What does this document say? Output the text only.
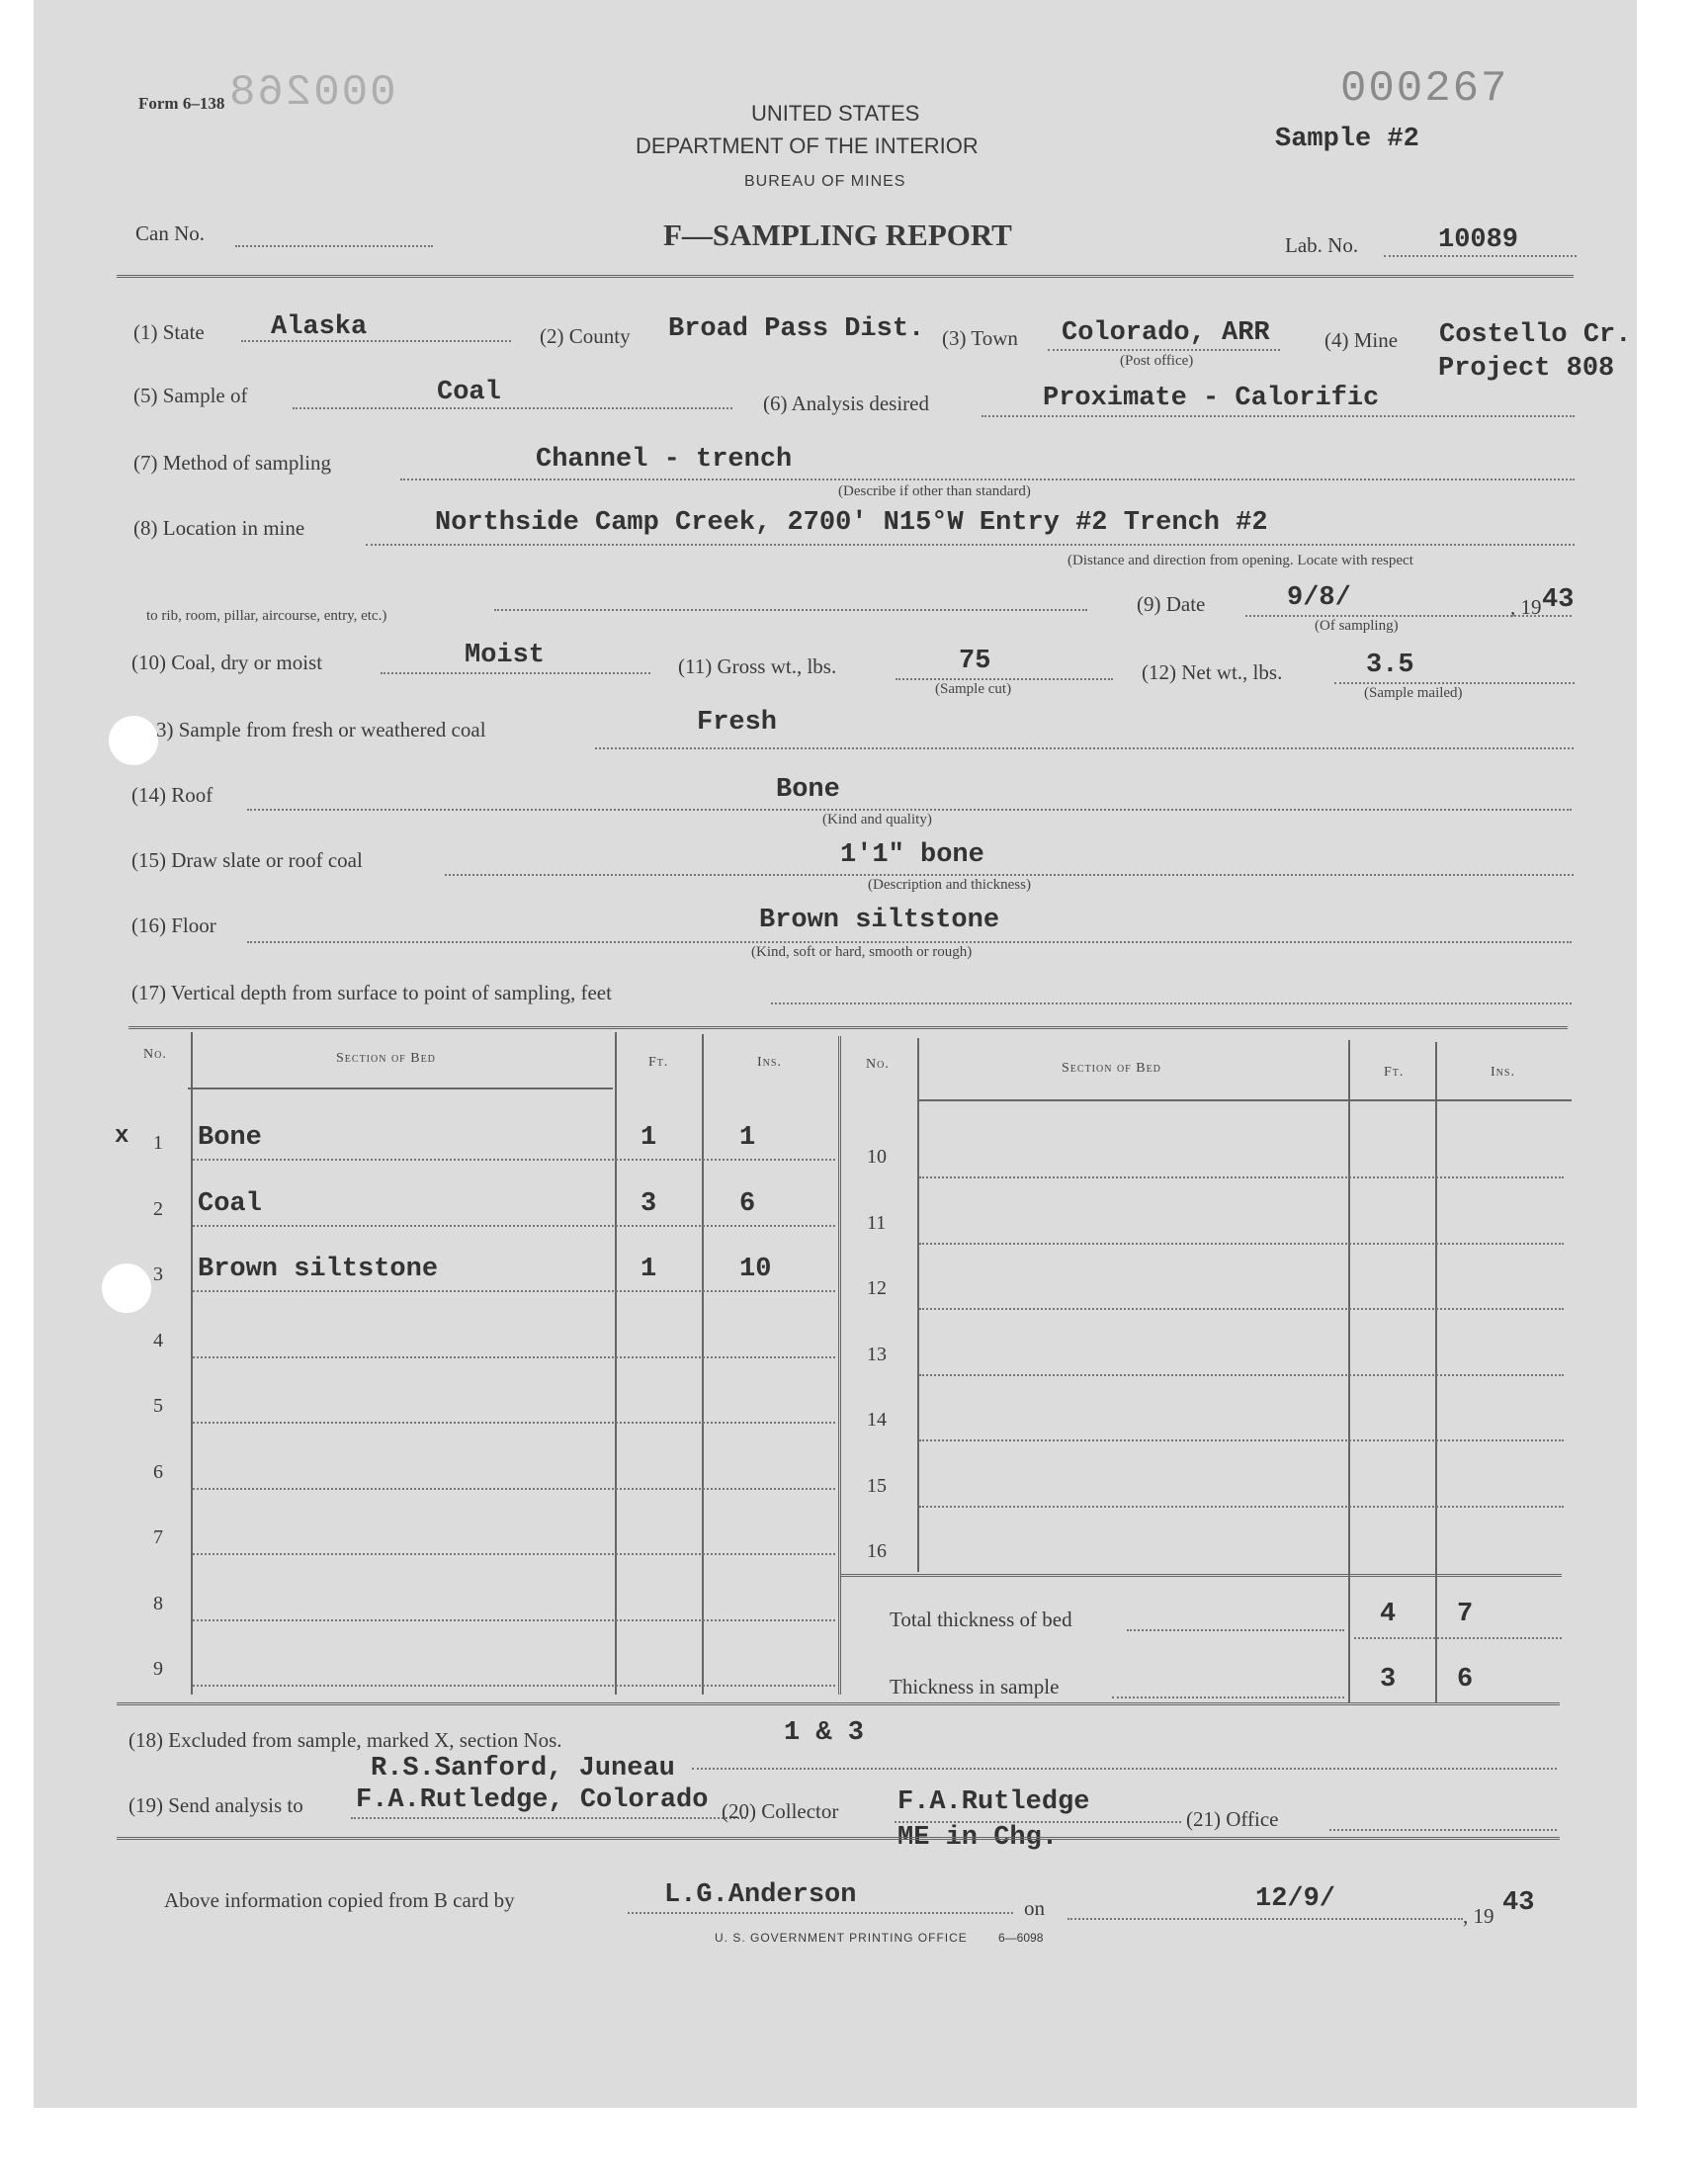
Form 6–138 000268	000267
UNITED STATES
DEPARTMENT OF THE INTERIOR
BUREAU OF MINES
Sample #2
Can No.	F—SAMPLING REPORT	Lab. No.	10089
(1) State Alaska	(2) County Broad Pass Dist. (3) Town Colorado, ARR
(Post office)
(4) Mine Costello Cr.
Project 808
(5) Sample of	Coal	(6) Analysis desired	Proximate - Calorific
(7) Method of sampling	Channel - trench
(Describe if other than standard)
(8) Location in mine	Northside Camp Creek, 2700' N15°W Entry #2 Trench #2
(Distance and direction from opening. Locate with respect
to rib, room, pillar, aircourse, entry, etc.)	(9) Date	9/8/	, 19 43
(Of sampling)
(10) Coal, dry or moist	Moist	(11) Gross wt., lbs.	75
(Sample cut)
(12) Net wt., lbs.	3.5
(Sample mailed)
3) Sample from fresh or weathered coal	Fresh
(14) Roof	Bone
(Kind and quality)
(15) Draw slate or roof coal	1'1" bone
(Description and thickness)
(16) Floor	Brown siltstone
(Kind, soft or hard, smooth or rough)
(17) Vertical depth from surface to point of sampling, feet
No.	Section of Bed	Ft.	Ins.	No.	Section of Bed	Ft.	Ins.
x 1 Bone	1	1
2 Coal	3	6
3 Brown siltstone	1	10
4
5
6
7
8
9
10
11
12
13
14
15
16
Total thickness of bed	4 7
Thickness in sample	3 6
(18) Excluded from sample, marked X, section Nos.	1 & 3
R.S.Sanford, Juneau
(19) Send analysis to F.A.Rutledge, Colorado (20) Collector F.A.Rutledge
ME in Chg.
(21) Office
Above information copied from B card by	L.G.Anderson	on	12/9/
, 19 43
U. S. GOVERNMENT PRINTING OFFICE	6—6098
